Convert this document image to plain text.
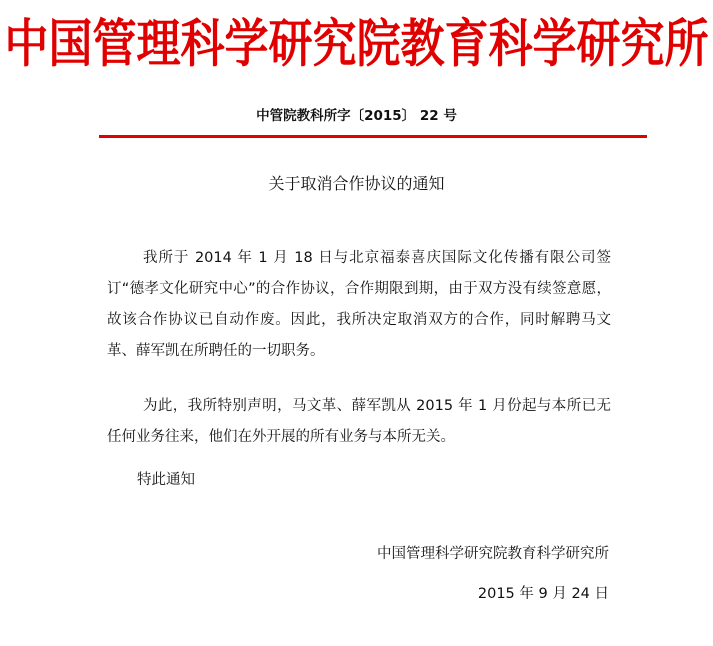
中国管理科学研究院教育科学研究所
中管院教科所字〔2015〕 22 号
关于取消合作协议的通知

我所于 2014 年 1 月 18 日与北京福泰喜庆国际文化传播有限公司签订“德孝文化研究中心”的合作协议，合作期限到期，由于双方没有续签意愿，故该合作协议已自动作废。因此，我所决定取消双方的合作，同时解聘马文革、薛军凯在所聘任的一切职务。

为此，我所特别声明，马文革、薛军凯从 2015 年 1 月份起与本所已无任何业务往来，他们在外开展的所有业务与本所无关。

特此通知

中国管理科学研究院教育科学研究所
2015 年 9 月 24 日
